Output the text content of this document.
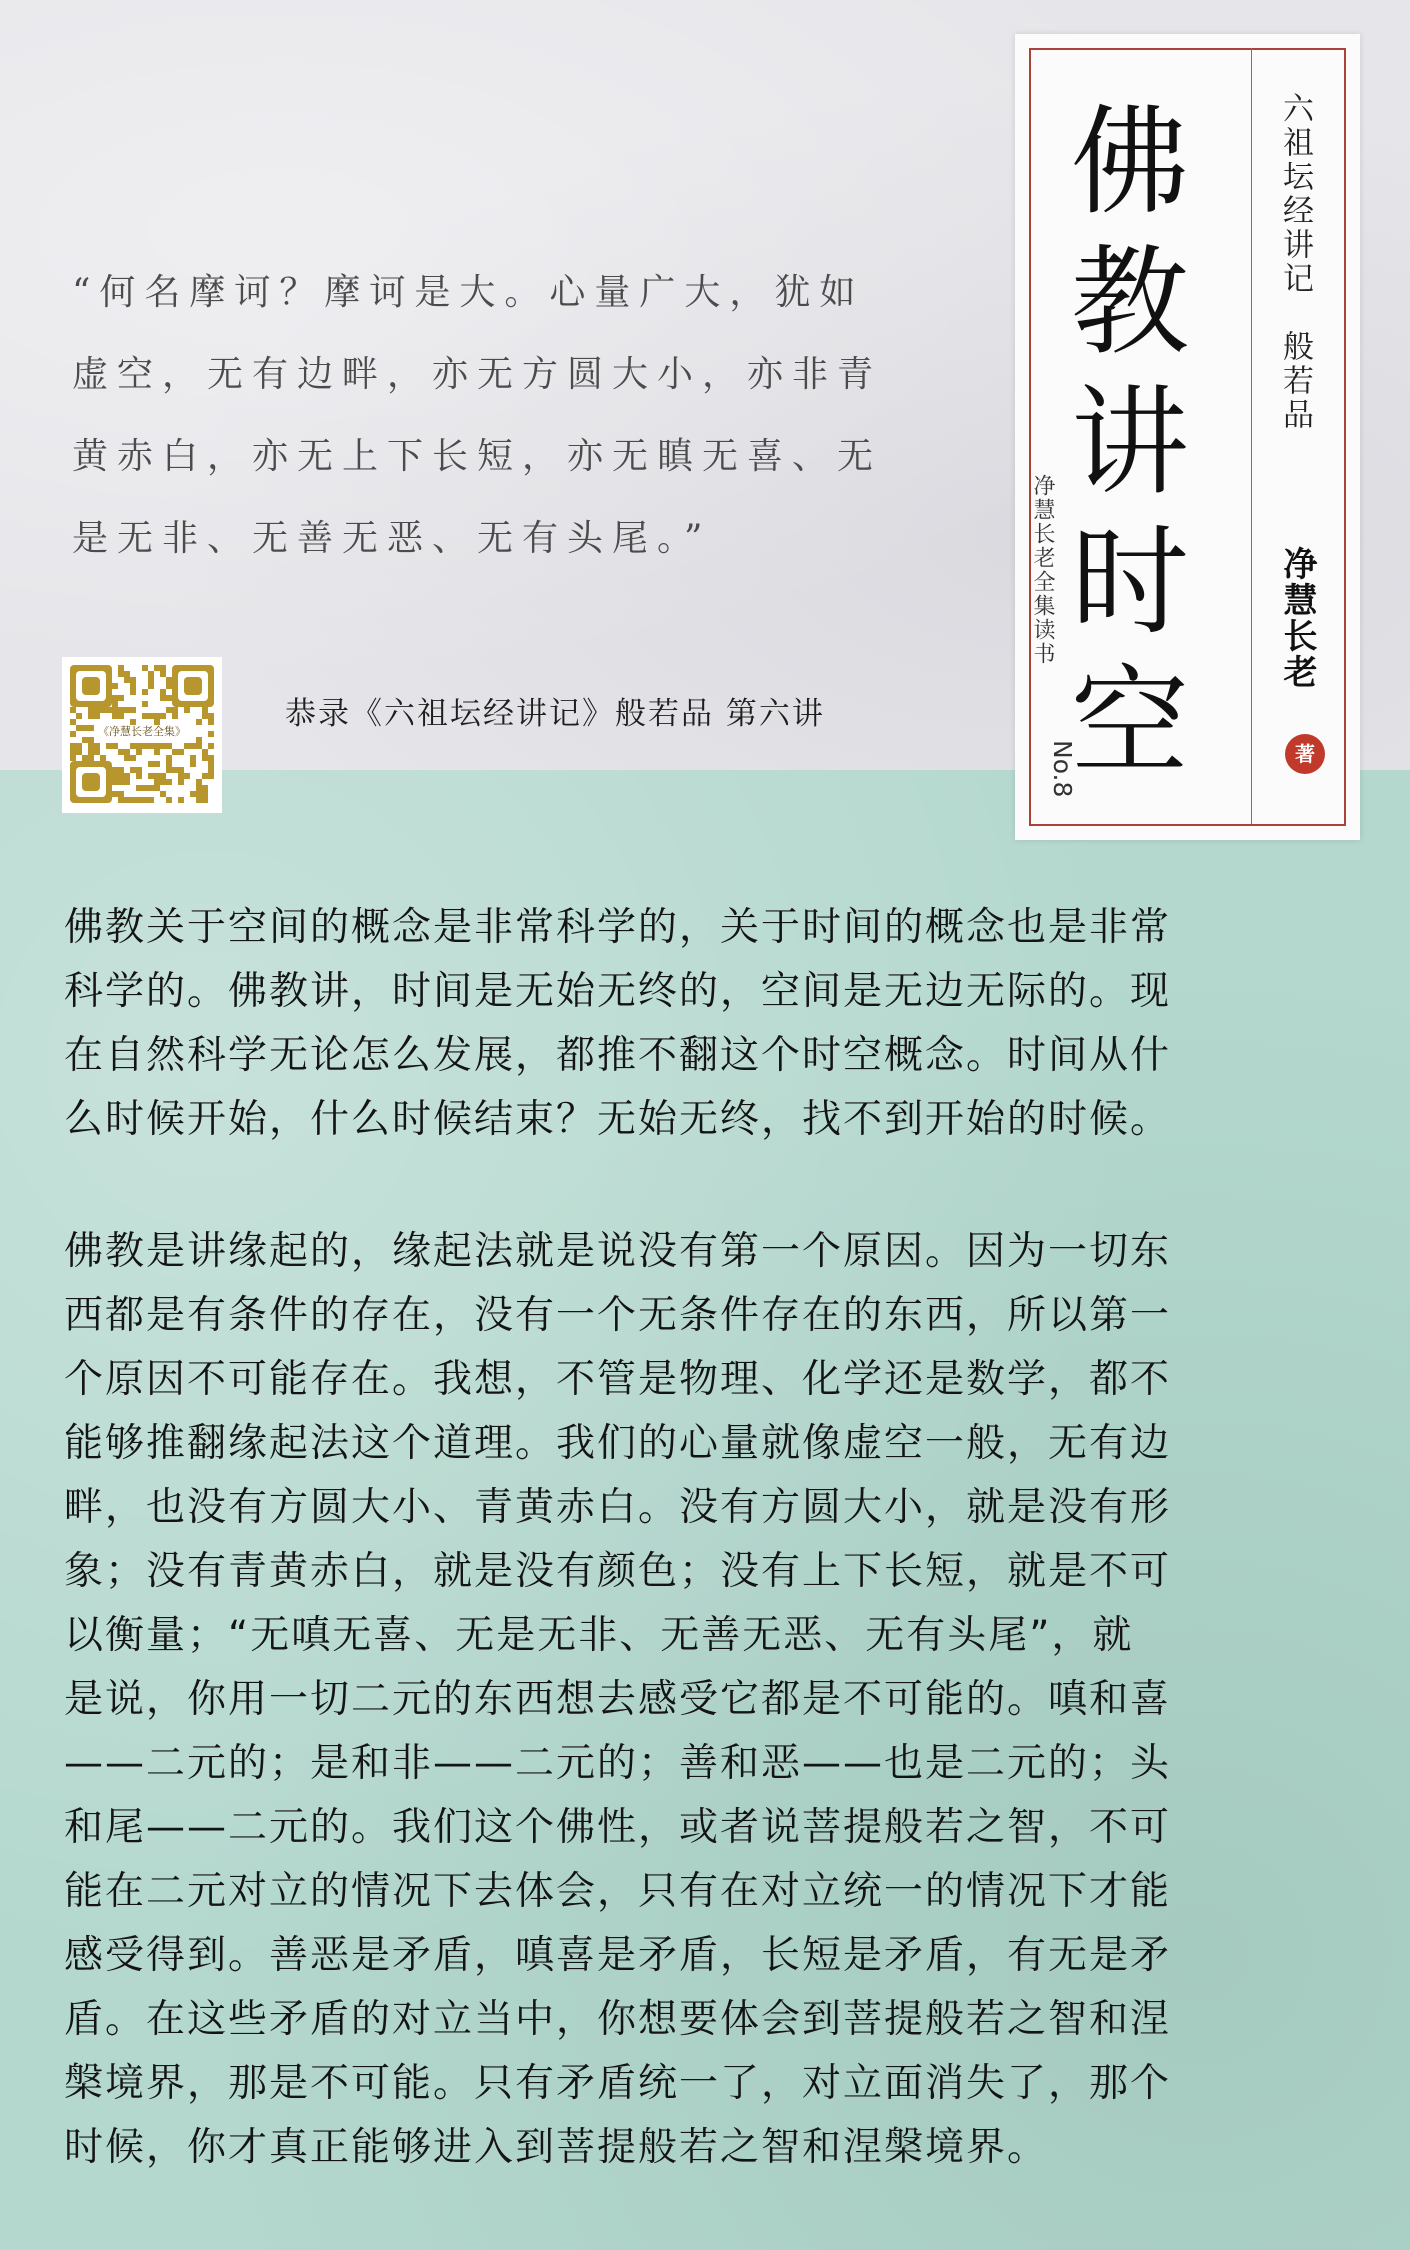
“何名摩诃？摩诃是大。心量广大，犹如
虚空，无有边畔，亦无方圆大小，亦非青
黄赤白，亦无上下长短，亦无瞋无喜、无
是无非、无善无恶、无有头尾。”
《净慧长老全集》	恭录《六祖坛经讲记》般若品 第六讲
佛
教
讲
时
空
六祖坛经讲记　般若品
净慧长老
著
净慧长老全集读书
No.8

佛教关于空间的概念是非常科学的，关于时间的概念也是非常

科学的。佛教讲，时间是无始无终的，空间是无边无际的。现

在自然科学无论怎么发展，都推不翻这个时空概念。时间从什

么时候开始，什么时候结束？无始无终，找不到开始的时候。

佛教是讲缘起的，缘起法就是说没有第一个原因。因为一切东

西都是有条件的存在，没有一个无条件存在的东西，所以第一

个原因不可能存在。我想，不管是物理、化学还是数学，都不

能够推翻缘起法这个道理。我们的心量就像虚空一般，无有边

畔，也没有方圆大小、青黄赤白。没有方圆大小，就是没有形

象；没有青黄赤白，就是没有颜色；没有上下长短，就是不可

以衡量；“无嗔无喜、无是无非、无善无恶、无有头尾”，就

是说，你用一切二元的东西想去感受它都是不可能的。嗔和喜

——二元的；是和非——二元的；善和恶——也是二元的；头

和尾——二元的。我们这个佛性，或者说菩提般若之智，不可

能在二元对立的情况下去体会，只有在对立统一的情况下才能

感受得到。善恶是矛盾，嗔喜是矛盾，长短是矛盾，有无是矛

盾。在这些矛盾的对立当中，你想要体会到菩提般若之智和涅

槃境界，那是不可能。只有矛盾统一了，对立面消失了，那个

时候，你才真正能够进入到菩提般若之智和涅槃境界。
